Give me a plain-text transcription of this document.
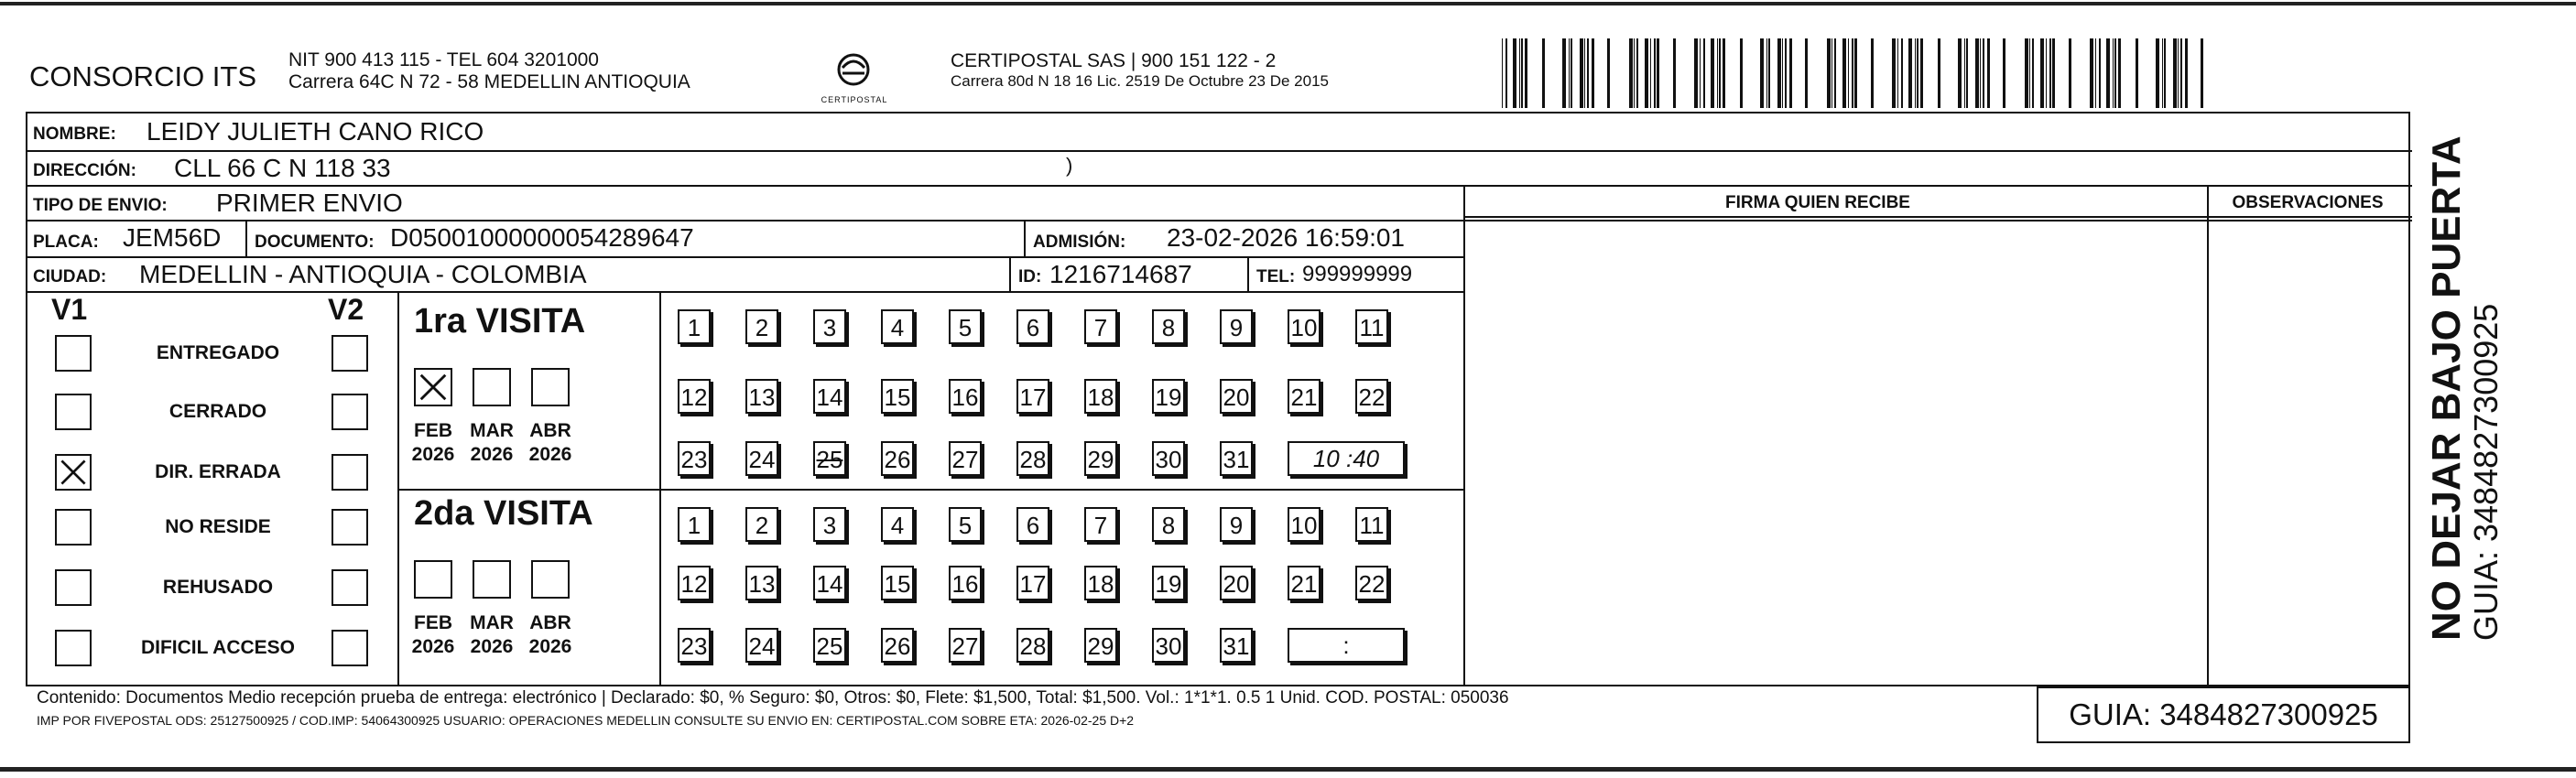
CONSORCIO ITS
NIT 900 413 115 - TEL 604 3201000
Carrera 64C N 72 - 58 MEDELLIN ANTIOQUIA
CERTIPOSTAL
CERTIPOSTAL SAS | 900 151 122 - 2
Carrera 80d N 18 16 Lic. 2519 De Octubre 23 De 2015
NOMBRE: LEIDY JULIETH CANO RICO
DIRECCIÓN: CLL 66 C N 118 33	)
TIPO DE ENVIO: PRIMER ENVIO
PLACA: JEM56D DOCUMENTO: D05001000000054289647	ADMISIÓN: 23-02-2026 16:59:01
CIUDAD: MEDELLIN - ANTIOQUIA - COLOMBIA	ID: 1216714687	TEL: 999999999
FIRMA QUIEN RECIBE	OBSERVACIONES
V1	V2 1ra VISITA
2da VISITA
Contenido: Documentos Medio recepción prueba de entrega: electrónico | Declarado: $0, % Seguro: $0, Otros: $0, Flete: $1,500, Total: $1,500. Vol.: 1*1*1. 0.5 1 Unid. COD. POSTAL: 050036
IMP POR FIVEPOSTAL ODS: 25127500925 / COD.IMP: 54064300925 USUARIO: OPERACIONES MEDELLIN CONSULTE SU ENVIO EN: CERTIPOSTAL.COM SOBRE ETA: 2026-02-25 D+2	GUIA: 3484827300925
NO DEJAR BAJO PUERTA
GUIA: 3484827300925
ENTREGADO
CERRADO
DIR. ERRADA
NO RESIDE
REHUSADO
DIFICIL ACCESO
FEB
2026
MAR
2026
ABR
2026
FEB
2026
MAR
2026
ABR
2026
1	2	3	4	5	6	7	8	9	10 11
12 13 14 15 16 17 18 19 20 21 22
23 24 25 26 27 28 29 30 31	10 :40
1	2	3	4	5	6	7	8	9	10 11
12 13 14 15 16 17 18 19 20 21 22
23 24 25 26 27 28 29 30 31	:
